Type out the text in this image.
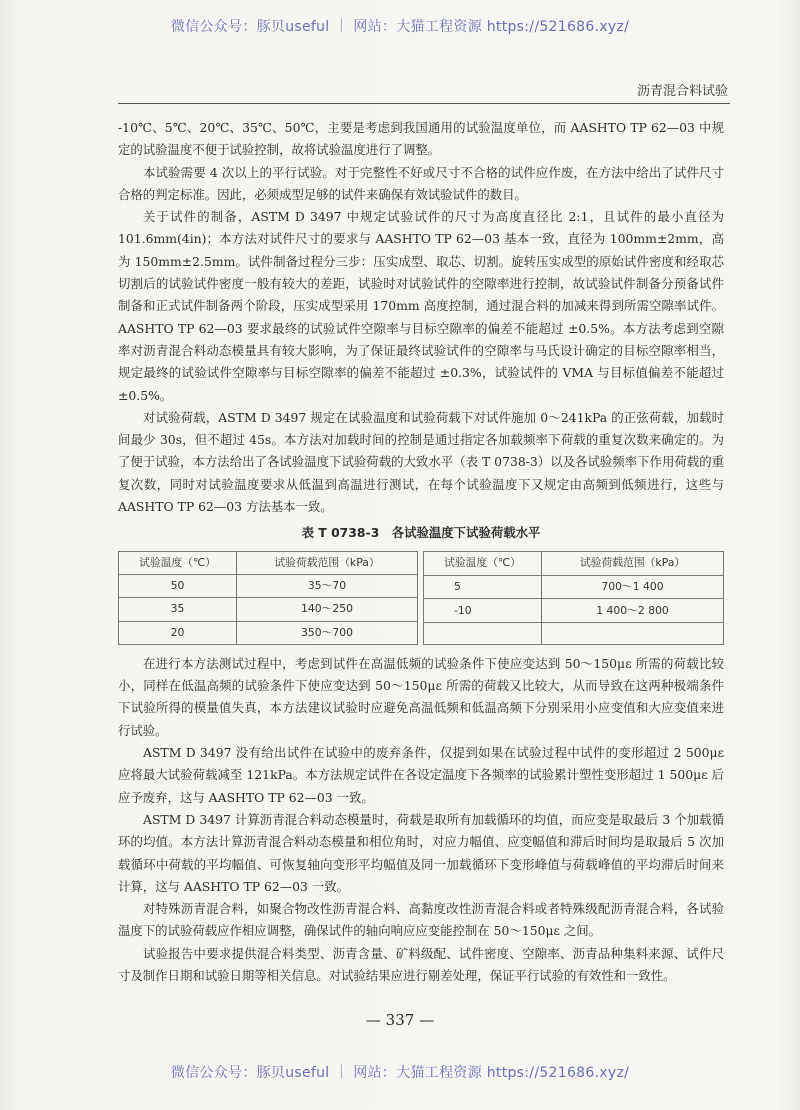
微信公众号：豚贝useful ｜ 网站：大猫工程资源 https://521686.xyz/
沥青混合料试验

-10℃、5℃、20℃、35℃、50℃，主要是考虑到我国通用的试验温度单位，而 AASHTO TP 62—03 中规定的试验温度不便于试验控制，故将试验温度进行了调整。

本试验需要 4 次以上的平行试验。对于完整性不好或尺寸不合格的试件应作废，在方法中给出了试件尺寸合格的判定标准。因此，必须成型足够的试件来确保有效试验试件的数目。

关于试件的制备，ASTM D 3497 中规定试验试件的尺寸为高度直径比 2:1，且试件的最小直径为 101.6mm(4in)；本方法对试件尺寸的要求与 AASHTO TP 62—03 基本一致，直径为 100mm±2mm，高为 150mm±2.5mm。试件制备过程分三步：压实成型、取芯、切割。旋转压实成型的原始试件密度和经取芯切割后的试验试件密度一般有较大的差距，试验时对试验试件的空隙率进行控制，故试验试件制备分预备试件制备和正式试件制备两个阶段，压实成型采用 170mm 高度控制，通过混合料的加减来得到所需空隙率试件。AASHTO TP 62—03 要求最终的试验试件空隙率与目标空隙率的偏差不能超过 ±0.5%。本方法考虑到空隙率对沥青混合料动态模量具有较大影响，为了保证最终试验试件的空隙率与马氏设计确定的目标空隙率相当，规定最终的试验试件空隙率与目标空隙率的偏差不能超过 ±0.3%，试验试件的 VMA 与目标值偏差不能超过 ±0.5%。

对试验荷载，ASTM D 3497 规定在试验温度和试验荷载下对试件施加 0～241kPa 的正弦荷载，加载时间最少 30s，但不超过 45s。本方法对加载时间的控制是通过指定各加载频率下荷载的重复次数来确定的。为了便于试验，本方法给出了各试验温度下试验荷载的大致水平（表 T 0738-3）以及各试验频率下作用荷载的重复次数，同时对试验温度要求从低温到高温进行测试，在每个试验温度下又规定由高频到低频进行，这些与 AASHTO TP 62—03 方法基本一致。

表 T 0738-3　各试验温度下试验荷载水平
试验温度（℃）	试验荷载范围（kPa）
50	35～70
35	140～250
20	350～700
试验温度（℃）	试验荷载范围（kPa）
5	700～1 400
-10	1 400～2 800

在进行本方法测试过程中，考虑到试件在高温低频的试验条件下使应变达到 50～150με 所需的荷载比较小，同样在低温高频的试验条件下使应变达到 50～150με 所需的荷载又比较大，从而导致在这两种极端条件下试验所得的模量值失真，本方法建议试验时应避免高温低频和低温高频下分别采用小应变值和大应变值来进行试验。

ASTM D 3497 没有给出试件在试验中的废弃条件，仅提到如果在试验过程中试件的变形超过 2 500με 应将最大试验荷载减至 121kPa。本方法规定试件在各设定温度下各频率的试验累计塑性变形超过 1 500με 后应予废弃，这与 AASHTO TP 62—03 一致。

ASTM D 3497 计算沥青混合料动态模量时，荷载是取所有加载循环的均值，而应变是取最后 3 个加载循环的均值。本方法计算沥青混合料动态模量和相位角时，对应力幅值、应变幅值和滞后时间均是取最后 5 次加载循环中荷载的平均幅值、可恢复轴向变形平均幅值及同一加载循环下变形峰值与荷载峰值的平均滞后时间来计算，这与 AASHTO TP 62—03 一致。

对特殊沥青混合料，如聚合物改性沥青混合料、高黏度改性沥青混合料或者特殊级配沥青混合料，各试验温度下的试验荷载应作相应调整，确保试件的轴向响应应变能控制在 50～150με 之间。

试验报告中要求提供混合料类型、沥青含量、矿料级配、试件密度、空隙率、沥青品种集料来源、试件尺寸及制作日期和试验日期等相关信息。对试验结果应进行剔差处理，保证平行试验的有效性和一致性。

— 337 —
微信公众号：豚贝useful ｜ 网站：大猫工程资源 https://521686.xyz/
